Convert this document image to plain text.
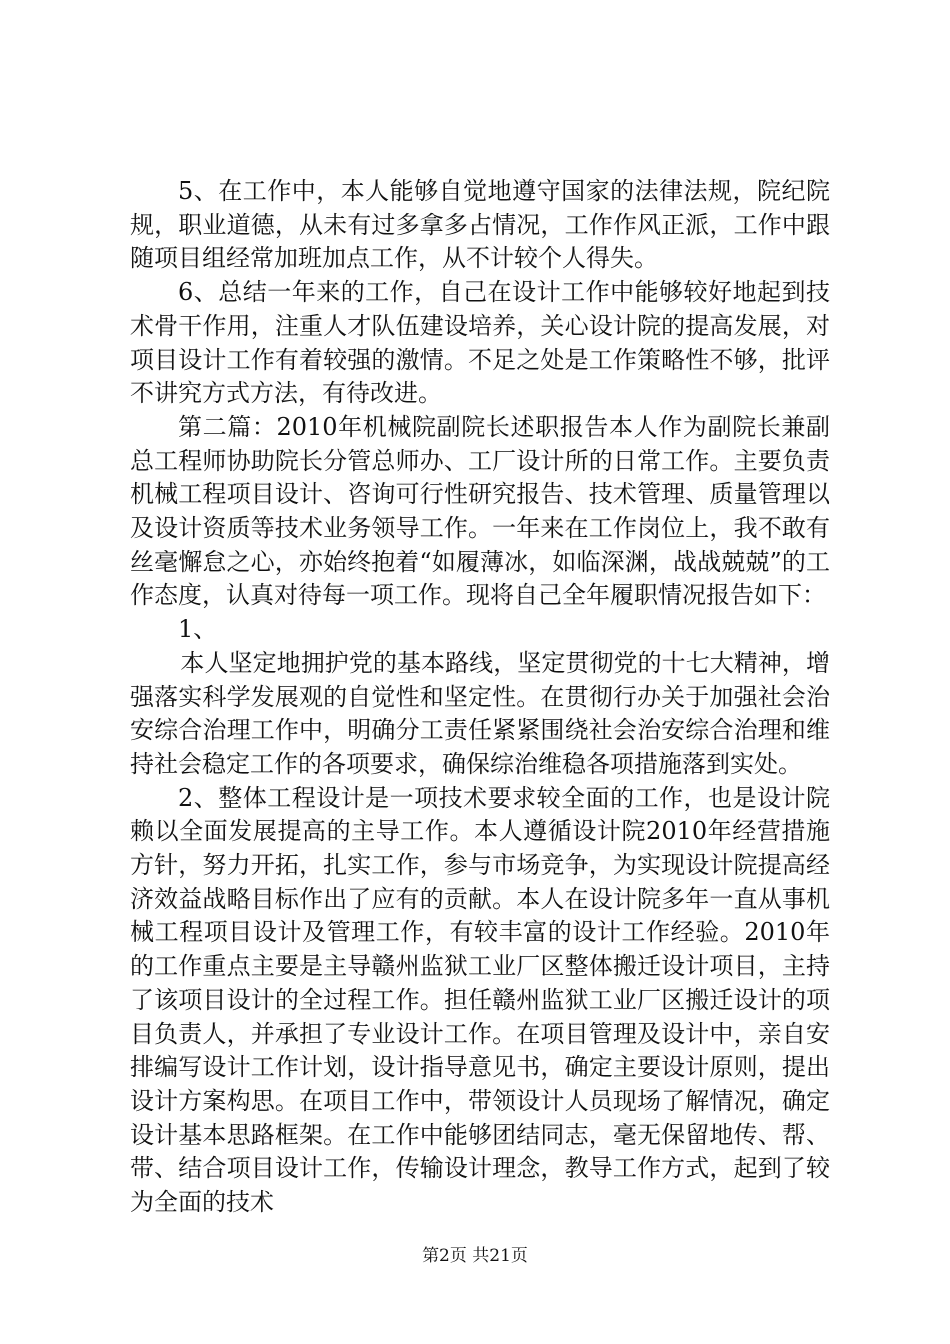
5、在工作中，本人能够自觉地遵守国家的法律法规，院纪院规，职业道德，从未有过多拿多占情况，工作作风正派，工作中跟随项目组经常加班加点工作，从不计较个人得失。

6、总结一年来的工作，自己在设计工作中能够较好地起到技术骨干作用，注重人才队伍建设培养，关心设计院的提高发展，对项目设计工作有着较强的激情。不足之处是工作策略性不够，批评不讲究方式方法，有待改进。

第二篇：2010年机械院副院长述职报告本人作为副院长兼副总工程师协助院长分管总师办、工厂设计所的日常工作。主要负责机械工程项目设计、咨询可行性研究报告、技术管理、质量管理以及设计资质等技术业务领导工作。一年来在工作岗位上，我不敢有丝毫懈怠之心，亦始终抱着“如履薄冰，如临深渊，战战兢兢”的工作态度，认真对待每一项工作。现将自己全年履职情况报告如下：

1、

本人坚定地拥护党的基本路线，坚定贯彻党的十七大精神，增强落实科学发展观的自觉性和坚定性。在贯彻行办关于加强社会治安综合治理工作中，明确分工责任紧紧围绕社会治安综合治理和维持社会稳定工作的各项要求，确保综治维稳各项措施落到实处。

2、整体工程设计是一项技术要求较全面的工作，也是设计院赖以全面发展提高的主导工作。本人遵循设计院2010年经营措施方针，努力开拓，扎实工作，参与市场竞争，为实现设计院提高经济效益战略目标作出了应有的贡献。本人在设计院多年一直从事机械工程项目设计及管理工作，有较丰富的设计工作经验。2010年的工作重点主要是主导赣州监狱工业厂区整体搬迁设计项目，主持了该项目设计的全过程工作。担任赣州监狱工业厂区搬迁设计的项目负责人，并承担了专业设计工作。在项目管理及设计中，亲自安排编写设计工作计划，设计指导意见书，确定主要设计原则，提出设计方案构思。在项目工作中，带领设计人员现场了解情况，确定设计基本思路框架。在工作中能够团结同志，毫无保留地传、帮、带、结合项目设计工作，传输设计理念，教导工作方式，起到了较为全面的技术

第2页 共21页
